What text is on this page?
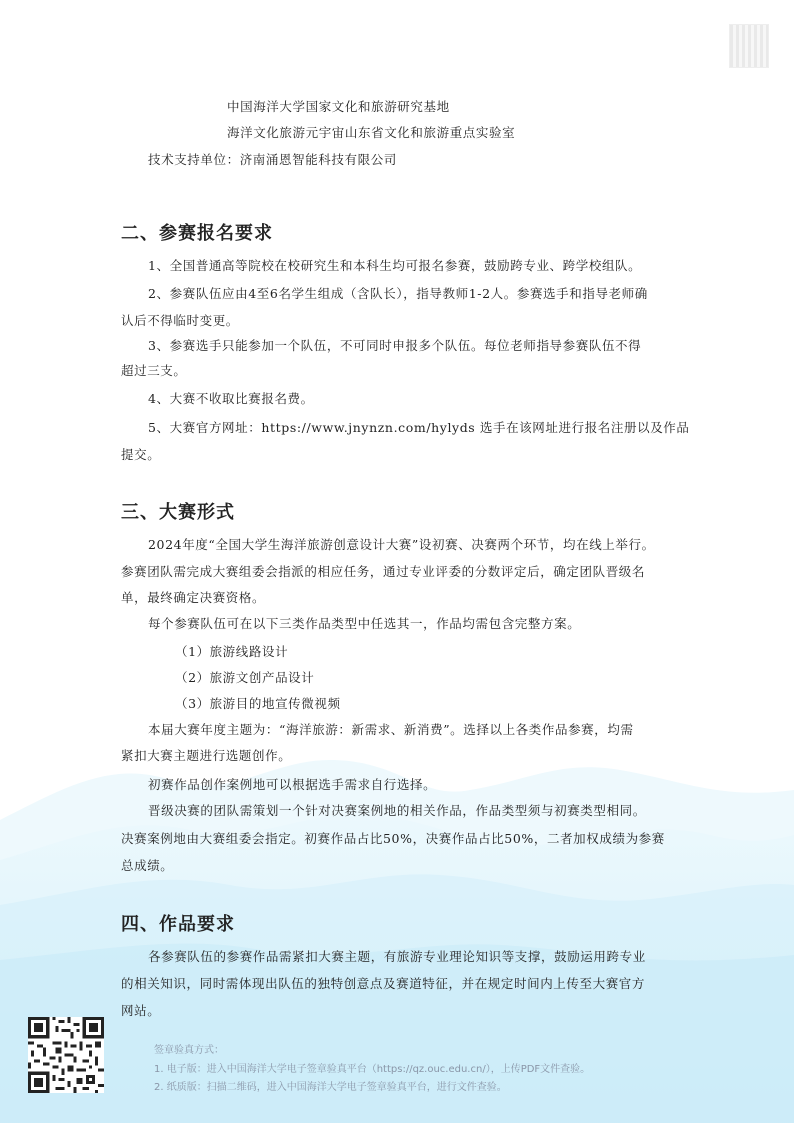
中国海洋大学国家文化和旅游研究基地
海洋文化旅游元宇宙山东省文化和旅游重点实验室
技术支持单位：济南涌恩智能科技有限公司
二、参赛报名要求
1、全国普通高等院校在校研究生和本科生均可报名参赛，鼓励跨专业、跨学校组队。
2、参赛队伍应由4至6名学生组成（含队长），指导教师1-2人。参赛选手和指导老师确
认后不得临时变更。
3、参赛选手只能参加一个队伍，不可同时申报多个队伍。每位老师指导参赛队伍不得
超过三支。
4、大赛不收取比赛报名费。
5、大赛官方网址：https://www.jnynzn.com/hylyds 选手在该网址进行报名注册以及作品
提交。
三、大赛形式
2024年度“全国大学生海洋旅游创意设计大赛”设初赛、决赛两个环节，均在线上举行。
参赛团队需完成大赛组委会指派的相应任务，通过专业评委的分数评定后，确定团队晋级名
单，最终确定决赛资格。
每个参赛队伍可在以下三类作品类型中任选其一，作品均需包含完整方案。
（1） 旅游线路设计
（2） 旅游文创产品设计
（3） 旅游目的地宣传微视频
本届大赛年度主题为：“海洋旅游：新需求、新消费”。选择以上各类作品参赛，均需
紧扣大赛主题进行选题创作。
初赛作品创作案例地可以根据选手需求自行选择。
晋级决赛的团队需策划一个针对决赛案例地的相关作品，作品类型须与初赛类型相同。
决赛案例地由大赛组委会指定。初赛作品占比50%，决赛作品占比50%，二者加权成绩为参赛
总成绩。
四、作品要求
各参赛队伍的参赛作品需紧扣大赛主题，有旅游专业理论知识等支撑，鼓励运用跨专业
的相关知识，同时需体现出队伍的独特创意点及赛道特征，并在规定时间内上传至大赛官方
网站。
签章验真方式：
1. 电子版：进入中国海洋大学电子签章验真平台（https://qz.ouc.edu.cn/），上传PDF文件查验。
2. 纸质版：扫描二维码，进入中国海洋大学电子签章验真平台，进行文件查验。
